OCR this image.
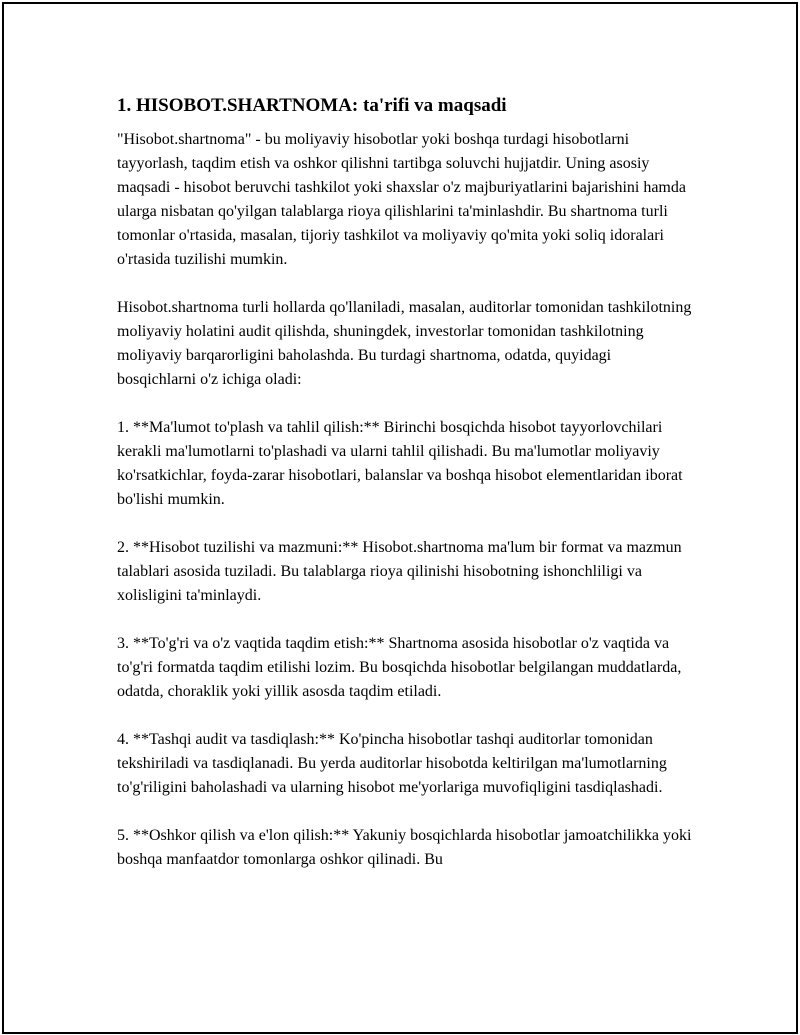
1. HISOBOT.SHARTNOMA: ta'rifi va maqsadi

"Hisobot.shartnoma" - bu moliyaviy hisobotlar yoki boshqa turdagi hisobotlarni tayyorlash, taqdim etish va oshkor qilishni tartibga soluvchi hujjatdir. Uning asosiy maqsadi - hisobot beruvchi tashkilot yoki shaxslar o'z majburiyatlarini bajarishini hamda ularga nisbatan qo'yilgan talablarga rioya qilishlarini ta'minlashdir. Bu shartnoma turli tomonlar o'rtasida, masalan, tijoriy tashkilot va moliyaviy qo'mita yoki soliq idoralari o'rtasida tuzilishi mumkin.

Hisobot.shartnoma turli hollarda qo'llaniladi, masalan, auditorlar tomonidan tashkilotning moliyaviy holatini audit qilishda, shuningdek, investorlar tomonidan tashkilotning moliyaviy barqarorligini baholashda. Bu turdagi shartnoma, odatda, quyidagi bosqichlarni o'z ichiga oladi:

1. **Ma'lumot to'plash va tahlil qilish:** Birinchi bosqichda hisobot tayyorlovchilari kerakli ma'lumotlarni to'plashadi va ularni tahlil qilishadi. Bu ma'lumotlar moliyaviy ko'rsatkichlar, foyda-zarar hisobotlari, balanslar va boshqa hisobot elementlaridan iborat bo'lishi mumkin.

2. **Hisobot tuzilishi va mazmuni:** Hisobot.shartnoma ma'lum bir format va mazmun talablari asosida tuziladi. Bu talablarga rioya qilinishi hisobotning ishonchliligi va xolisligini ta'minlaydi.

3. **To'g'ri va o'z vaqtida taqdim etish:** Shartnoma asosida hisobotlar o'z vaqtida va to'g'ri formatda taqdim etilishi lozim. Bu bosqichda hisobotlar belgilangan muddatlarda, odatda, choraklik yoki yillik asosda taqdim etiladi.

4. **Tashqi audit va tasdiqlash:** Ko'pincha hisobotlar tashqi auditorlar tomonidan tekshiriladi va tasdiqlanadi. Bu yerda auditorlar hisobotda keltirilgan ma'lumotlarning to'g'riligini baholashadi va ularning hisobot me'yorlariga muvofiqligini tasdiqlashadi.

5. **Oshkor qilish va e'lon qilish:** Yakuniy bosqichlarda hisobotlar jamoatchilikka yoki boshqa manfaatdor tomonlarga oshkor qilinadi. Bu
